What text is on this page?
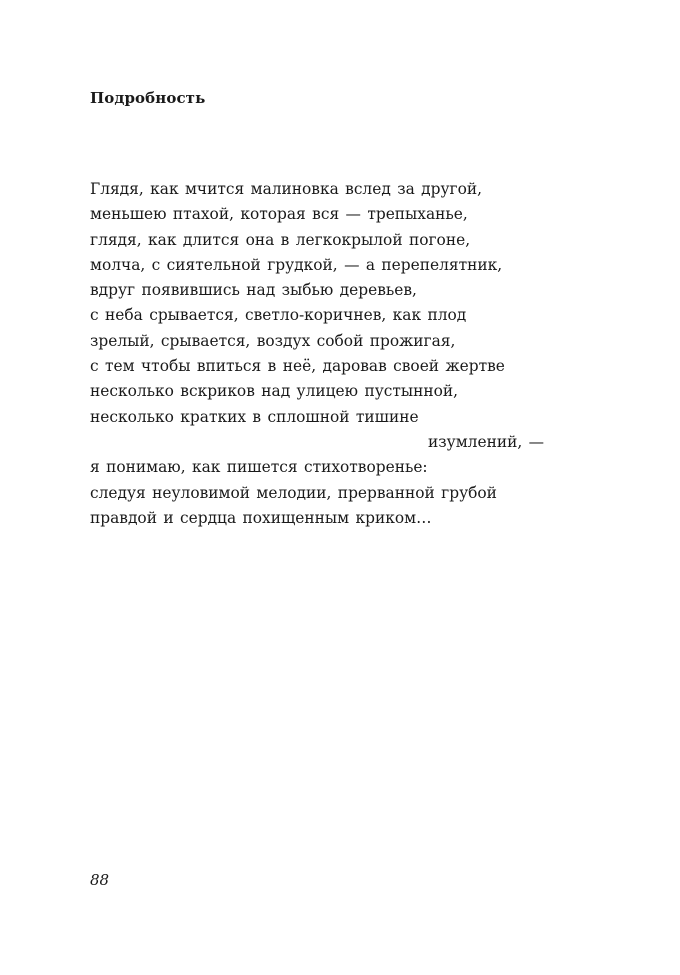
Подробность
Глядя, как мчится малиновка вслед за другой,
меньшею птахой, которая вся — трепыханье,
глядя, как длится она в легкокрылой погоне,
молча, с сиятельной грудкой, — а перепелятник,
вдруг появившись над зыбью деревьев,
с неба срывается, светло-коричнев, как плод
зрелый, срывается, воздух собой прожигая,
с тем чтобы впиться в неё, даровав своей жертве
несколько вскриков над улицею пустынной,
несколько кратких в сплошной тишине
изумлений, —
я понимаю, как пишется стихотворенье:
следуя неуловимой мелодии, прерванной грубой
правдой и сердца похищенным криком…
88
